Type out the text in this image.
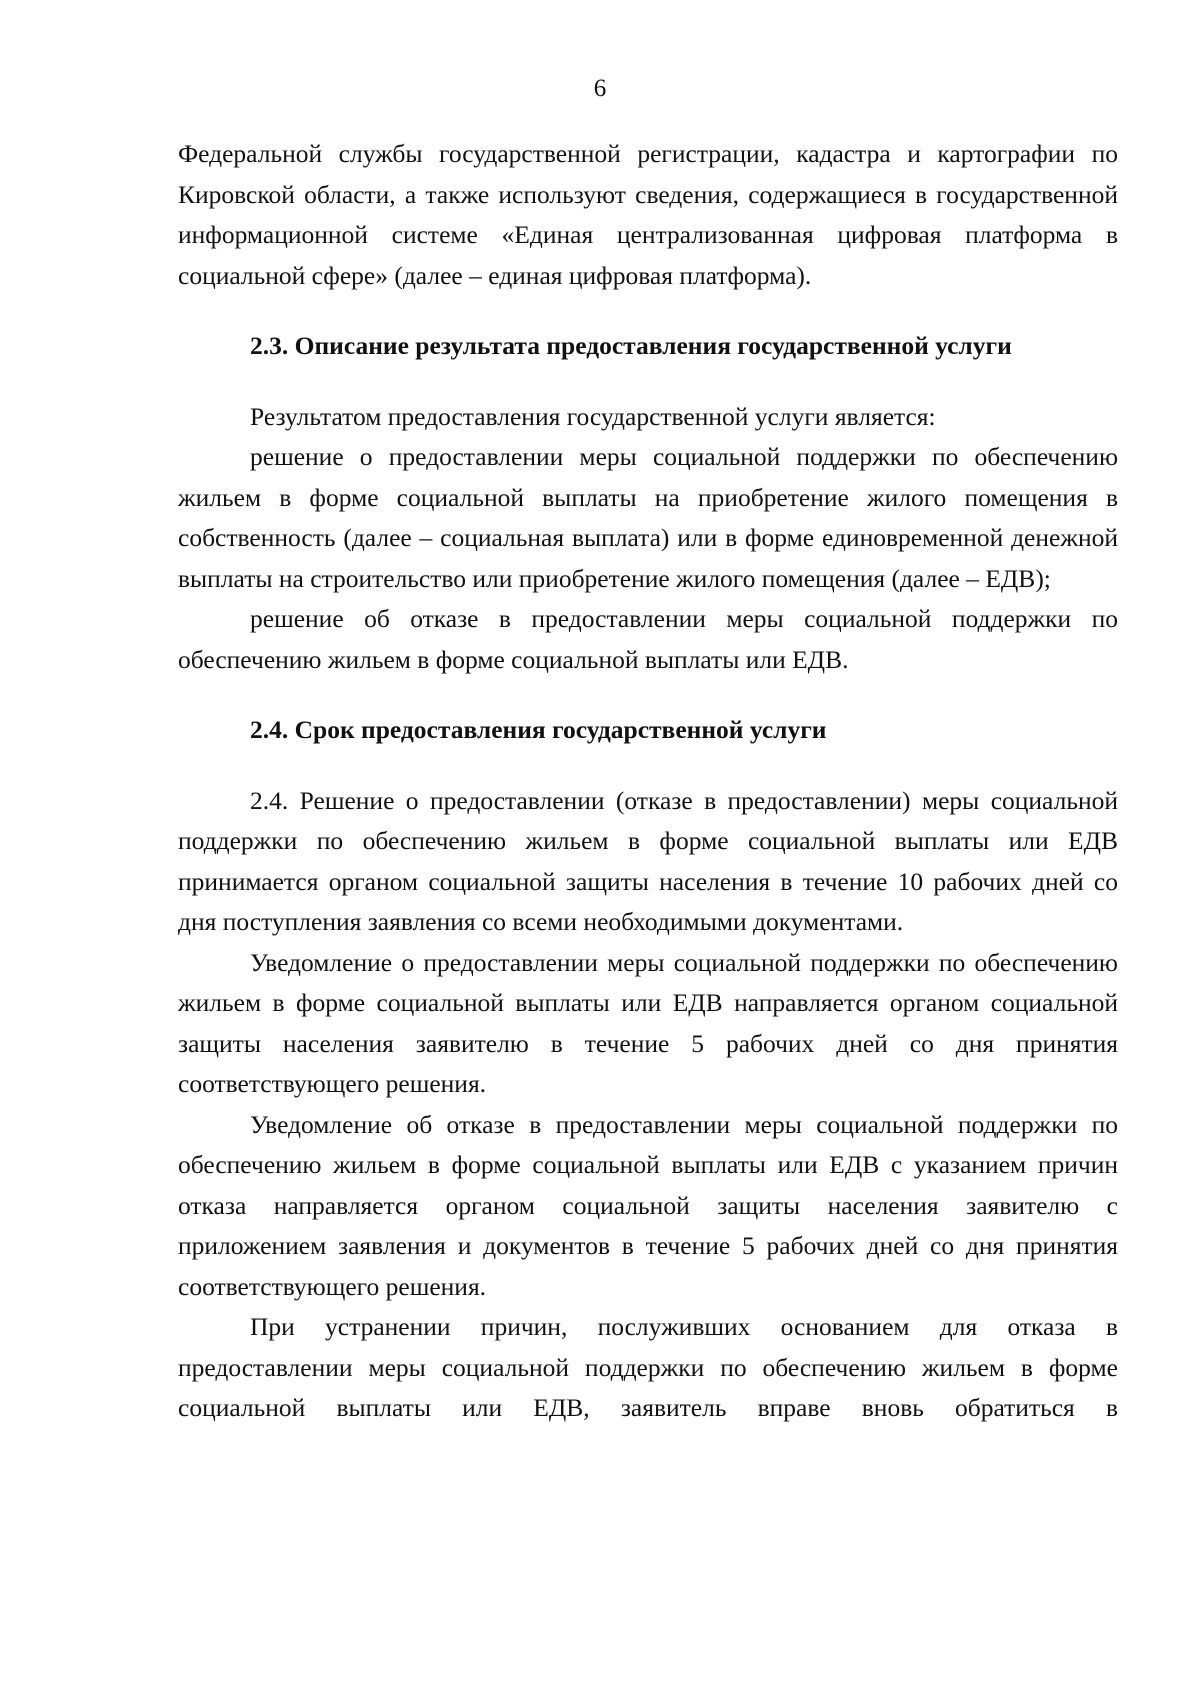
6

Федеральной службы государственной регистрации, кадастра и картографии по Кировской области, а также используют сведения, содержащиеся в государственной информационной системе «Единая централизованная цифровая платформа в социальной сфере» (далее – единая цифровая платформа).

2.3. Описание результата предоставления государственной услуги

Результатом предоставления государственной услуги является:

решение о предоставлении меры социальной поддержки по обеспечению жильем в форме социальной выплаты на приобретение жилого помещения в собственность (далее – социальная выплата) или в форме единовременной денежной выплаты на строительство или приобретение жилого помещения (далее – ЕДВ);

решение об отказе в предоставлении меры социальной поддержки по обеспечению жильем в форме социальной выплаты или ЕДВ.

2.4. Срок предоставления государственной услуги

2.4. Решение о предоставлении (отказе в предоставлении) меры социальной поддержки по обеспечению жильем в форме социальной выплаты или ЕДВ принимается органом социальной защиты населения в течение 10 рабочих дней со дня поступления заявления со всеми необходимыми документами.

Уведомление о предоставлении меры социальной поддержки по обеспечению жильем в форме социальной выплаты или ЕДВ направляется органом социальной защиты населения заявителю в течение 5 рабочих дней со дня принятия соответствующего решения.

Уведомление об отказе в предоставлении меры социальной поддержки по обеспечению жильем в форме социальной выплаты или ЕДВ с указанием причин отказа направляется органом социальной защиты населения заявителю с приложением заявления и документов в течение 5 рабочих дней со дня принятия соответствующего решения.

При устранении причин, послуживших основанием для отказа в предоставлении меры социальной поддержки по обеспечению жильем в форме социальной выплаты или ЕДВ, заявитель вправе вновь обратиться в
